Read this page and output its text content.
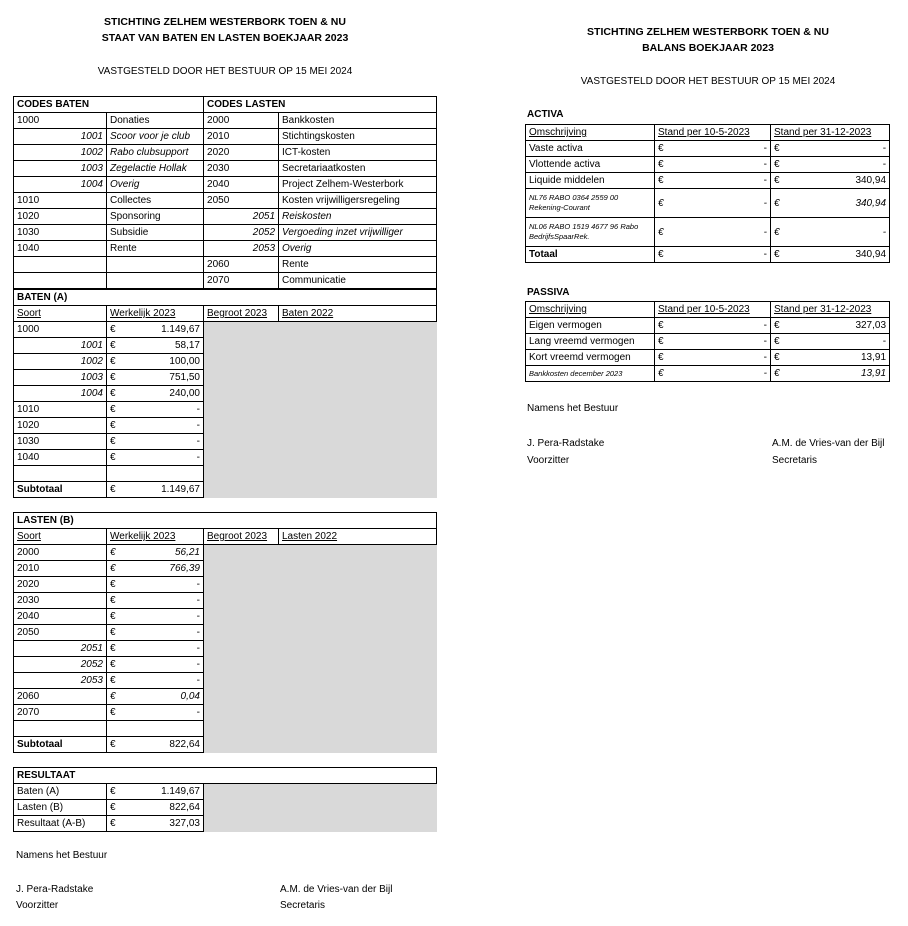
STICHTING ZELHEM WESTERBORK TOEN & NU
STAAT VAN BATEN EN LASTEN BOEKJAAR 2023
VASTGESTELD DOOR HET BESTUUR OP 15 MEI 2024
CODES BATEN		CODES LASTEN	
1000	Donaties	2000	Bankkosten
1001	Scoor voor je club	2010	Stichtingskosten
1002	Rabo clubsupport	2020	ICT-kosten
1003	Zegelactie Hollak	2030	Secretariaatkosten
1004	Overig	2040	Project Zelhem-Westerbork
1010	Collectes	2050	Kosten vrijwilligersregeling
1020	Sponsoring	2051	Reiskosten
1030	Subsidie	2052	Vergoeding inzet vrijwilliger
1040	Rente	2053	Overig
		2060	Rente
		2070	Communicatie
BATEN (A)			
Soort	Werkelijk 2023	Begroot 2023	Baten 2022
1000	€ 1.149,67		

1001	€ 58,17		

1002	€ 100,00		

1003	€ 751,50		

1004	€ 240,00		

1010	€ -		

1020	€ -		

1030	€ -		

1040	€ -		

Subtotaal	€ 1.149,67		
LASTEN (B)			
Soort	Werkelijk 2023	Begroot 2023	Lasten 2022
2000	€ 56,21		

2010	€ 766,39		

2020	€ -		

2030	€ -		

2040	€ -		

2050	€ -		

2051	€ -		

2052	€ -		

2053	€ -		

2060	€ 0,04		

2070	€ -		

Subtotaal	€ 822,64		
RESULTAAT		
Baten (A)	€ 1.149,67	

Lasten (B)	€ 822,64	

Resultaat (A-B)	€ 327,03	
Namens het Bestuur
J. Pera-Radstake
Voorzitter
A.M. de Vries-van der Bijl
Secretaris
STICHTING ZELHEM WESTERBORK TOEN & NU
BALANS BOEKJAAR 2023
VASTGESTELD DOOR HET BESTUUR OP 15 MEI 2024
ACTIVA
Omschrijving	Stand per 10-5-2023		Stand per 31-12-2023	
Vaste activa	€	-	€	-
Vlottende activa	€	-	€	-
Liquide middelen	€	-	€	340,94
NL76 RABO 0364 2559 00 Rekening-Courant	€	-	€	340,94
NL06 RABO 1519 4677 96 Rabo BedrijfsSpaarRek.	€	-	€	-
Totaal	€	-	€	340,94
PASSIVA
Omschrijving	Stand per 10-5-2023		Stand per 31-12-2023	
Eigen vermogen	€	-	€	327,03
Lang vreemd vermogen	€	-	€	-
Kort vreemd vermogen	€	-	€	13,91
Bankkosten december 2023	€	-	€	13,91
Namens het Bestuur
J. Pera-Radstake
Voorzitter
A.M. de Vries-van der Bijl
Secretaris
